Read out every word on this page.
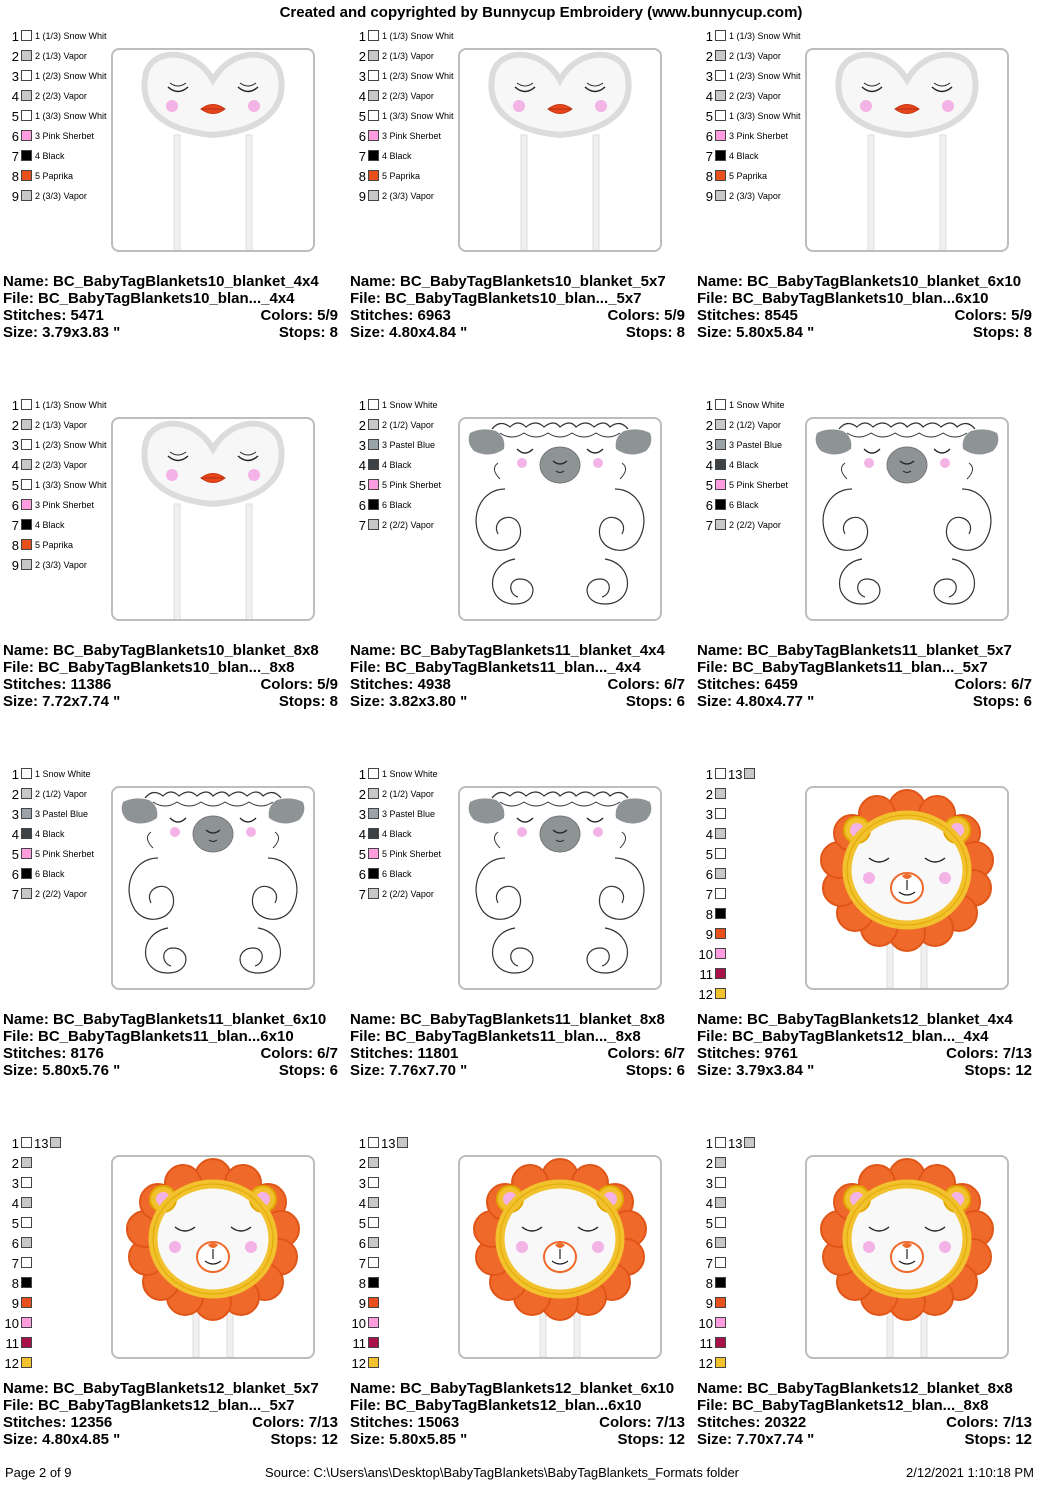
Created and copyrighted by Bunnycup Embroidery (www.bunnycup.com)
1 1 (1/3) Snow Whit
2 2 (1/3) Vapor
3 1 (2/3) Snow Whit
4 2 (2/3) Vapor
5 1 (3/3) Snow Whit
6 3 Pink Sherbet
7 4 Black
8 5 Paprika
9 2 (3/3) Vapor
Name: BC_BabyTagBlankets10_blanket_4x4
File: BC_BabyTagBlankets10_blan..._4x4
Stitches: 5471	Colors: 5/9
Size: 3.79x3.83 "	Stops: 8
1 1 (1/3) Snow Whit
2 2 (1/3) Vapor
3 1 (2/3) Snow Whit
4 2 (2/3) Vapor
5 1 (3/3) Snow Whit
6 3 Pink Sherbet
7 4 Black
8 5 Paprika
9 2 (3/3) Vapor
Name: BC_BabyTagBlankets10_blanket_5x7
File: BC_BabyTagBlankets10_blan..._5x7
Stitches: 6963	Colors: 5/9
Size: 4.80x4.84 "	Stops: 8
1 1 (1/3) Snow Whit
2 2 (1/3) Vapor
3 1 (2/3) Snow Whit
4 2 (2/3) Vapor
5 1 (3/3) Snow Whit
6 3 Pink Sherbet
7 4 Black
8 5 Paprika
9 2 (3/3) Vapor
Name: BC_BabyTagBlankets10_blanket_6x10
File: BC_BabyTagBlankets10_blan...6x10
Stitches: 8545	Colors: 5/9
Size: 5.80x5.84 "	Stops: 8
1 1 (1/3) Snow Whit
2 2 (1/3) Vapor
3 1 (2/3) Snow Whit
4 2 (2/3) Vapor
5 1 (3/3) Snow Whit
6 3 Pink Sherbet
7 4 Black
8 5 Paprika
9 2 (3/3) Vapor
Name: BC_BabyTagBlankets10_blanket_8x8
File: BC_BabyTagBlankets10_blan..._8x8
Stitches: 11386	Colors: 5/9
Size: 7.72x7.74 "	Stops: 8
1 1 Snow White
2 2 (1/2) Vapor
3 3 Pastel Blue
4 4 Black
5 5 Pink Sherbet
6 6 Black
7 2 (2/2) Vapor
Name: BC_BabyTagBlankets11_blanket_4x4
File: BC_BabyTagBlankets11_blan..._4x4
Stitches: 4938	Colors: 6/7
Size: 3.82x3.80 "	Stops: 6
1 1 Snow White
2 2 (1/2) Vapor
3 3 Pastel Blue
4 4 Black
5 5 Pink Sherbet
6 6 Black
7 2 (2/2) Vapor
Name: BC_BabyTagBlankets11_blanket_5x7
File: BC_BabyTagBlankets11_blan..._5x7
Stitches: 6459	Colors: 6/7
Size: 4.80x4.77 "	Stops: 6
1 1 Snow White
2 2 (1/2) Vapor
3 3 Pastel Blue
4 4 Black
5 5 Pink Sherbet
6 6 Black
7 2 (2/2) Vapor
Name: BC_BabyTagBlankets11_blanket_6x10
File: BC_BabyTagBlankets11_blan...6x10
Stitches: 8176	Colors: 6/7
Size: 5.80x5.76 "	Stops: 6
1 1 Snow White
2 2 (1/2) Vapor
3 3 Pastel Blue
4 4 Black
5 5 Pink Sherbet
6 6 Black
7 2 (2/2) Vapor
Name: BC_BabyTagBlankets11_blanket_8x8
File: BC_BabyTagBlankets11_blan..._8x8
Stitches: 11801	Colors: 6/7
Size: 7.76x7.70 "	Stops: 6
1 13
2
3
4
5
6
7
8
9
10
11
12
Name: BC_BabyTagBlankets12_blanket_4x4
File: BC_BabyTagBlankets12_blan..._4x4
Stitches: 9761	Colors: 7/13
Size: 3.79x3.84 "	Stops: 12
1 13
2
3
4
5
6
7
8
9
10
11
12
Name: BC_BabyTagBlankets12_blanket_5x7
File: BC_BabyTagBlankets12_blan..._5x7
Stitches: 12356	Colors: 7/13
Size: 4.80x4.85 "	Stops: 12
1 13
2
3
4
5
6
7
8
9
10
11
12
Name: BC_BabyTagBlankets12_blanket_6x10
File: BC_BabyTagBlankets12_blan...6x10
Stitches: 15063	Colors: 7/13
Size: 5.80x5.85 "	Stops: 12
1 13
2
3
4
5
6
7
8
9
10
11
12
Name: BC_BabyTagBlankets12_blanket_8x8
File: BC_BabyTagBlankets12_blan..._8x8
Stitches: 20322	Colors: 7/13
Size: 7.70x7.74 "	Stops: 12
Page 2 of 9	Source: C:\Users\ans\Desktop\BabyTagBlankets\BabyTagBlankets_Formats folder	2/12/2021 1:10:18 PM
